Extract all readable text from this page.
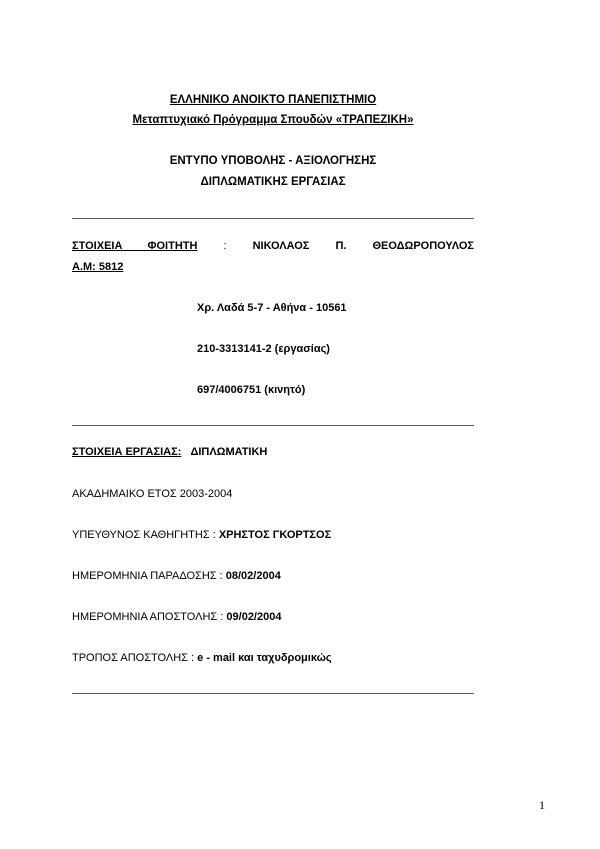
ΕΛΛΗΝΙΚΟ ΑΝΟΙΚΤΟ ΠΑΝΕΠΙΣΤΗΜΙΟ
Μεταπτυχιακό Πρόγραμμα Σπουδών «ΤΡΑΠΕΖΙΚΗ»
ΕΝΤΥΠΟ ΥΠΟΒΟΛΗΣ - ΑΞΙΟΛΟΓΗΣΗΣ
ΔΙΠΛΩΜΑΤΙΚΗΣ ΕΡΓΑΣΙΑΣ
ΣΤΟΙΧΕΙΑ ΦΟΙΤΗΤΗ : ΝΙΚΟΛΑΟΣ Π. ΘΕΟΔΩΡΟΠΟΥΛΟΣ
Α.Μ: 5812
Χρ. Λαδά 5-7 - Αθήνα - 10561
210-3313141-2 (εργασίας)
697/4006751 (κινητό)
ΣΤΟΙΧΕΙΑ ΕΡΓΑΣΙΑΣ: ΔΙΠΛΩΜΑΤΙΚΗ
ΑΚΑΔΗΜΑΙΚΟ ΕΤΟΣ 2003-2004
ΥΠΕΥΘΥΝΟΣ ΚΑΘΗΓΗΤΗΣ : ΧΡΗΣΤΟΣ ΓΚΟΡΤΣΟΣ
ΗΜΕΡΟΜΗΝΙΑ ΠΑΡΑΔΟΣΗΣ : 08/02/2004
ΗΜΕΡΟΜΗΝΙΑ ΑΠΟΣΤΟΛΗΣ : 09/02/2004
ΤΡΟΠΟΣ ΑΠΟΣΤΟΛΗΣ : e - mail και ταχυδρομικώς
1
